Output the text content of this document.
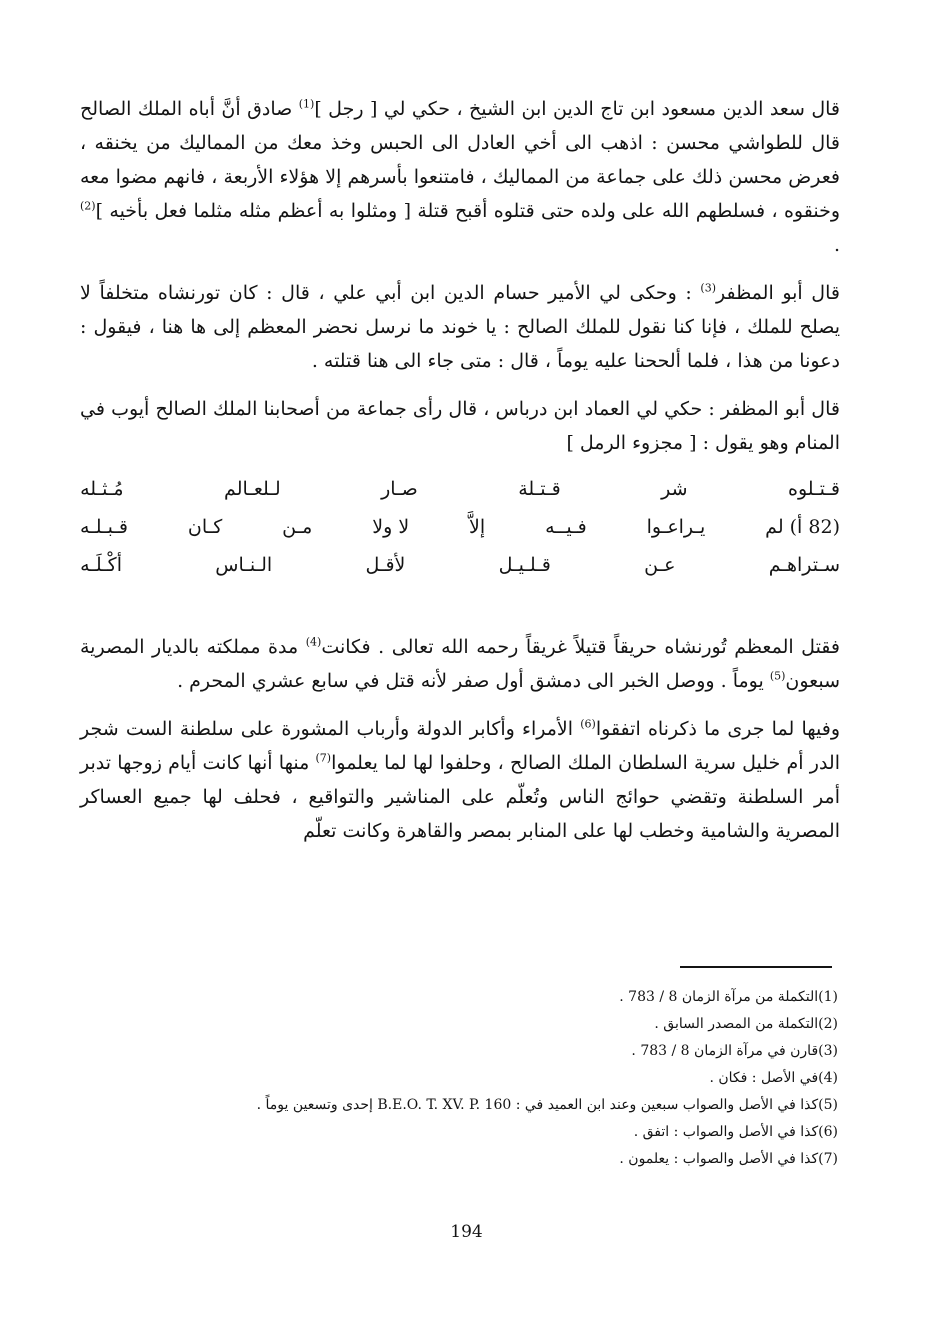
قال سعد الدين مسعود ابن تاج الدين ابن الشيخ ، حكي لي [ رجل ]$^{(1)}$ صادق أنَّ أباه الملك الصالح قال للطواشي محسن : اذهب الى أخي العادل الى الحبس وخذ معك من المماليك من يخنقه ، فعرض محسن ذلك على جماعة من المماليك ، فامتنعوا بأسرهم إلا هؤلاء الأربعة ، فانهم مضوا معه وخنقوه ، فسلطهم الله على ولده حتى قتلوه أقبح قتلة [ ومثلوا به أعظم مثله مثلما فعل بأخيه ]$^{(2)}$ .

قال أبو المظفر$^{(3)}$ : وحكى لي الأمير حسام الدين ابن أبي علي ، قال : كان تورنشاه متخلفاً لا يصلح للملك ، فإنا كنا نقول للملك الصالح : يا خوند ما نرسل نحضر المعظم إلى ها هنا ، فيقول : دعونا من هذا ، فلما ألححنا عليه يوماً ، قال : متى جاء الى هنا قتلته .

قال أبو المظفر : حكي لي العماد ابن درباس ، قال رأى جماعة من أصحابنا الملك الصالح أيوب في المنام وهو يقول : [ مجزوء الرمل ]

قـتـلوه
شر
قـتـلة
صـار
لـلعـالم
مُـثـله
(82 أ) لم
يـراعـوا
فـيــه
إلاَّ
لا ولا
مـن
كـان
قـبـلـه
سـتراهـم
عـن
قـلـيـل
لأقـل
الـنـاس
أكْـلَـه

فقتل المعظم تُورنشاه حريقاً قتيلاً غريقاً رحمه الله تعالى . فكانت$^{(4)}$ مدة مملكته بالديار المصرية سبعون$^{(5)}$ يوماً . ووصل الخبر الى دمشق أول صفر لأنه قتل في سابع عشري المحرم .

وفيها لما جرى ما ذكرناه اتفقوا$^{(6)}$ الأمراء وأكابر الدولة وأرباب المشورة على سلطنة الست شجر الدر أم خليل سرية السلطان الملك الصالح ، وحلفوا لها لما يعلموا$^{(7)}$ منها أنها كانت أيام زوجها تدبر أمر السلطنة وتقضي حوائج الناس وتُعلّم على المناشير والتواقيع ، فحلف لها جميع العساكر المصرية والشامية وخطب لها على المنابر بمصر والقاهرة وكانت تعلّم

(1)التكملة من مرآة الزمان 8 / 783 .
(2)التكملة من المصدر السابق .
(3)قارن في مرآة الزمان 8 / 783 .
(4)في الأصل : فكان .
(5)كذا في الأصل والصواب سبعين وعند ابن العميد في : B.E.O. T. XV. P. 160 إحدى وتسعين يوماً .
(6)كذا في الأصل والصواب : اتفق .
(7)كذا في الأصل والصواب : يعلمون .
194
